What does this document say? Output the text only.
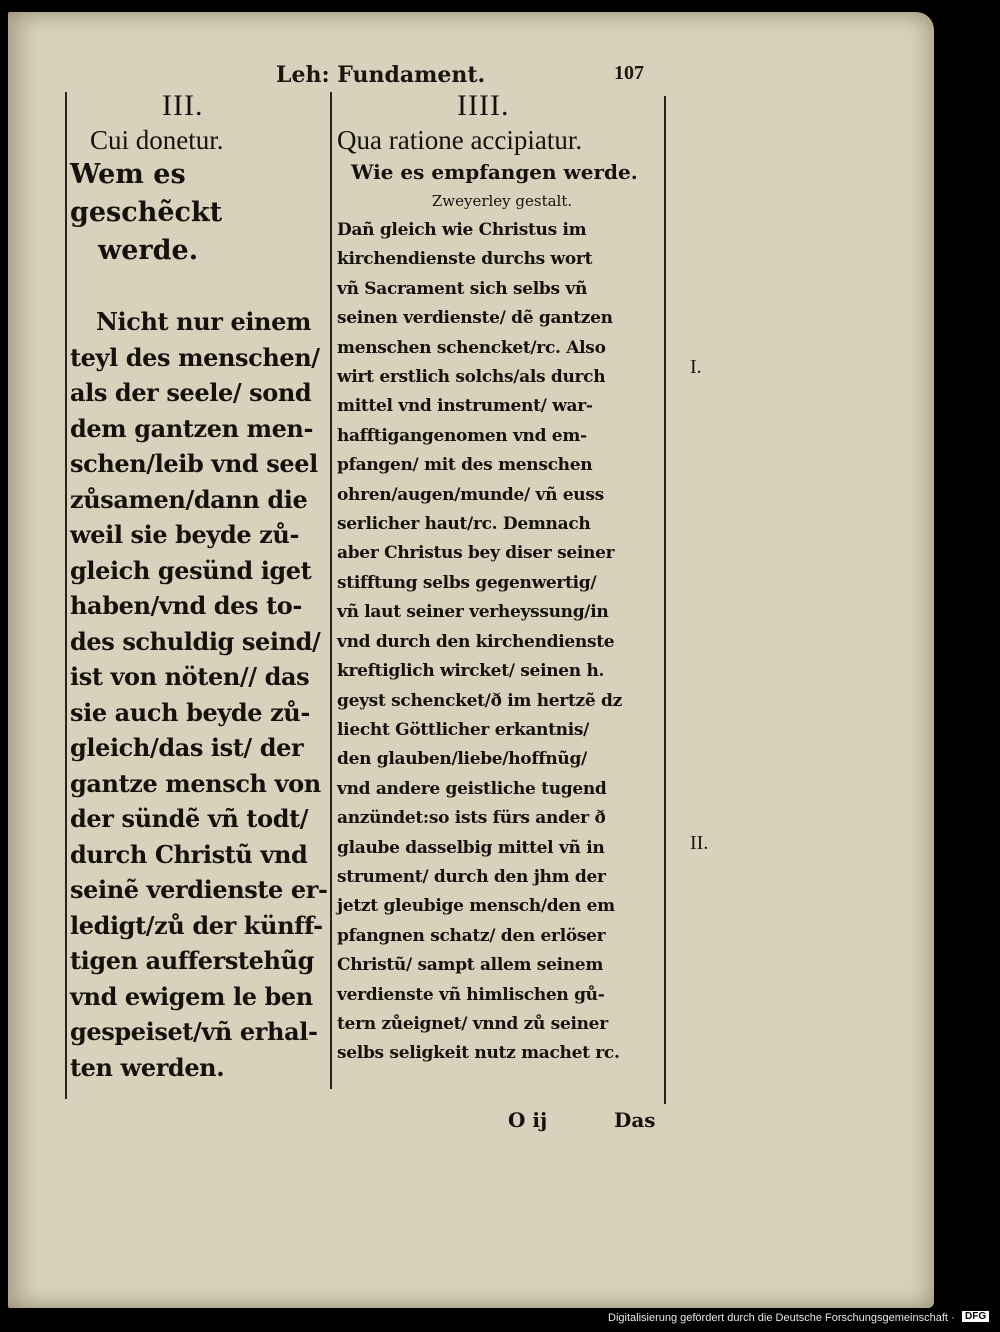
Leh: Fundament.	107
III.
Cui donetur.
Wem es geschẽckt
werde.
Nicht nur einem
teyl des menschen/
als der seele/ sond
dem gantzen men-
schen/leib vnd seel
zůsamen/dann die
weil sie beyde zů-
gleich gesünd iget
haben/vnd des to-
des schuldig seind/
ist von nöten// das
sie auch beyde zů-
gleich/das ist/ der
gantze mensch von
der sündẽ vñ todt/
durch Christũ vnd
seinẽ verdienste er-
ledigt/zů der künff-
tigen aufferstehũg
vnd ewigem le ben
gespeiset/vñ erhal-
ten werden.
IIII.
Qua ratione accipiatur.
Wie es empfangen werde.
Zweyerley gestalt.
Dañ gleich wie Christus im
kirchendienste durchs wort
vñ Sacrament sich selbs vñ
seinen verdienste/ dẽ gantzen
menschen schencket/rc. Also
wirt erstlich solchs/als durch
mittel vnd instrument/ war-
hafftigangenomen vnd em-
pfangen/ mit des menschen
ohren/augen/munde/ vñ euss
serlicher haut/rc. Demnach
aber Christus bey diser seiner
stifftung selbs gegenwertig/
vñ laut seiner verheyssung/in
vnd durch den kirchendienste
kreftiglich wircket/ seinen h.
geyst schencket/ð im hertzẽ dz
liecht Göttlicher erkantnis/
den glauben/liebe/hoffnũg/
vnd andere geistliche tugend
anzündet:so ists fürs ander ð
glaube dasselbig mittel vñ in
strument/ durch den jhm der
jetzt gleubige mensch/den em
pfangnen schatz/ den erlöser
Christũ/ sampt allem seinem
verdienste vñ himlischen gů-
tern zůeignet/ vnnd zů seiner
selbs seligkeit nutz machet rc.
I.
II.
O ij	Das
Digitalisierung gefördert durch die Deutsche Forschungsgemeinschaft ·	DFG
